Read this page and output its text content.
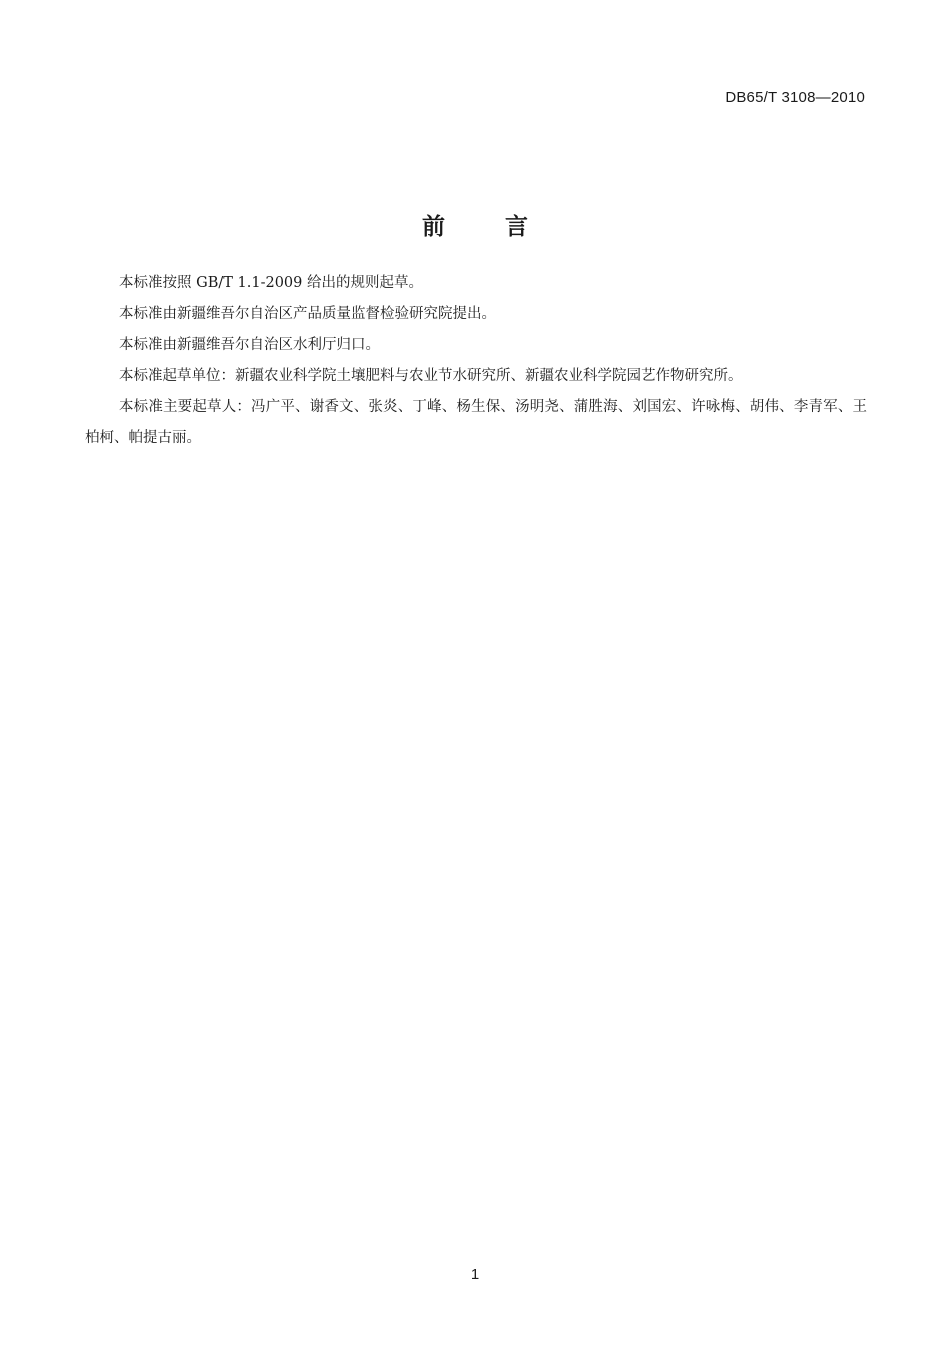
DB65/T 3108—2010
前	言

本标准按照 GB/T 1.1-2009 给出的规则起草。

本标准由新疆维吾尔自治区产品质量监督检验研究院提出。

本标准由新疆维吾尔自治区水利厅归口。

本标准起草单位：新疆农业科学院土壤肥料与农业节水研究所、新疆农业科学院园艺作物研究所。

本标准主要起草人：冯广平、谢香文、张炎、丁峰、杨生保、汤明尧、蒲胜海、刘国宏、许咏梅、胡伟、李青军、王柏柯、帕提古丽。

1
